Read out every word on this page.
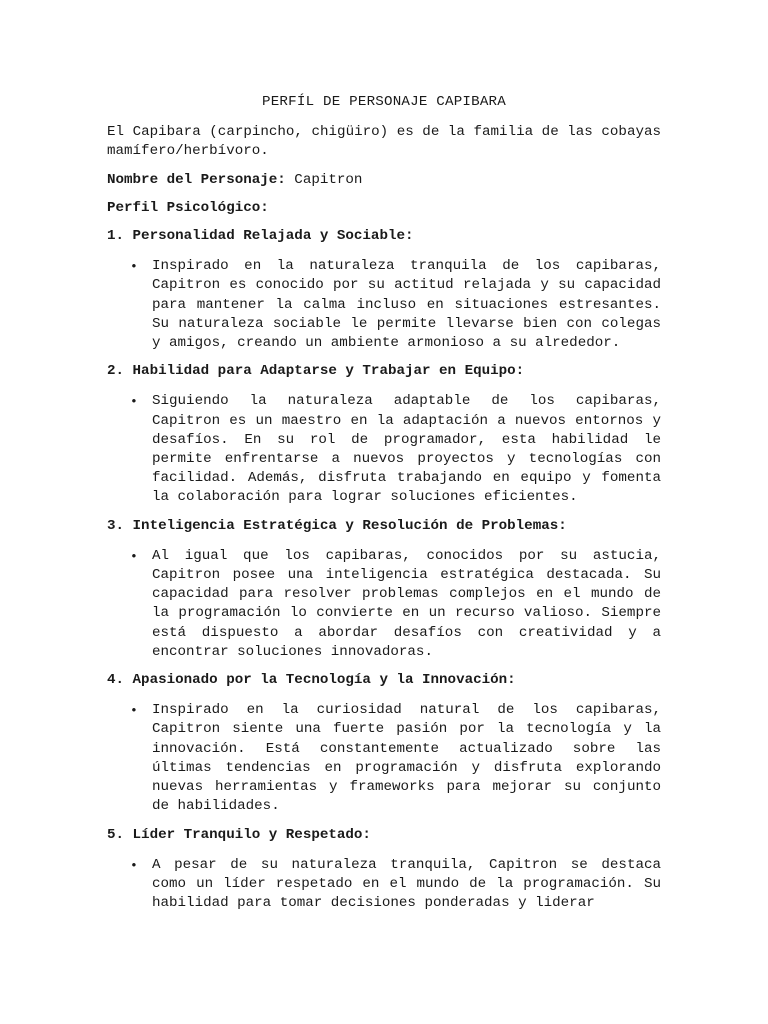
PERFÍL DE PERSONAJE CAPIBARA

El Capibara (carpincho, chigüiro) es de la familia de las cobayas mamífero/herbívoro.

Nombre del Personaje: Capitron

Perfil Psicológico:

1. Personalidad Relajada y Sociable:
• Inspirado en la naturaleza tranquila de los capibaras, Capitron es conocido por su actitud relajada y su capacidad para mantener la calma incluso en situaciones estresantes. Su naturaleza sociable le permite llevarse bien con colegas y amigos, creando un ambiente armonioso a su alrededor.
2. Habilidad para Adaptarse y Trabajar en Equipo:
• Siguiendo la naturaleza adaptable de los capibaras, Capitron es un maestro en la adaptación a nuevos entornos y desafíos. En su rol de programador, esta habilidad le permite enfrentarse a nuevos proyectos y tecnologías con facilidad. Además, disfruta trabajando en equipo y fomenta la colaboración para lograr soluciones eficientes.
3. Inteligencia Estratégica y Resolución de Problemas:
• Al igual que los capibaras, conocidos por su astucia, Capitron posee una inteligencia estratégica destacada. Su capacidad para resolver problemas complejos en el mundo de la programación lo convierte en un recurso valioso. Siempre está dispuesto a abordar desafíos con creatividad y a encontrar soluciones innovadoras.
4. Apasionado por la Tecnología y la Innovación:
• Inspirado en la curiosidad natural de los capibaras, Capitron siente una fuerte pasión por la tecnología y la innovación. Está constantemente actualizado sobre las últimas tendencias en programación y disfruta explorando nuevas herramientas y frameworks para mejorar su conjunto de habilidades.
5. Líder Tranquilo y Respetado:
• A pesar de su naturaleza tranquila, Capitron se destaca como un líder respetado en el mundo de la programación. Su habilidad para tomar decisiones ponderadas y liderar
